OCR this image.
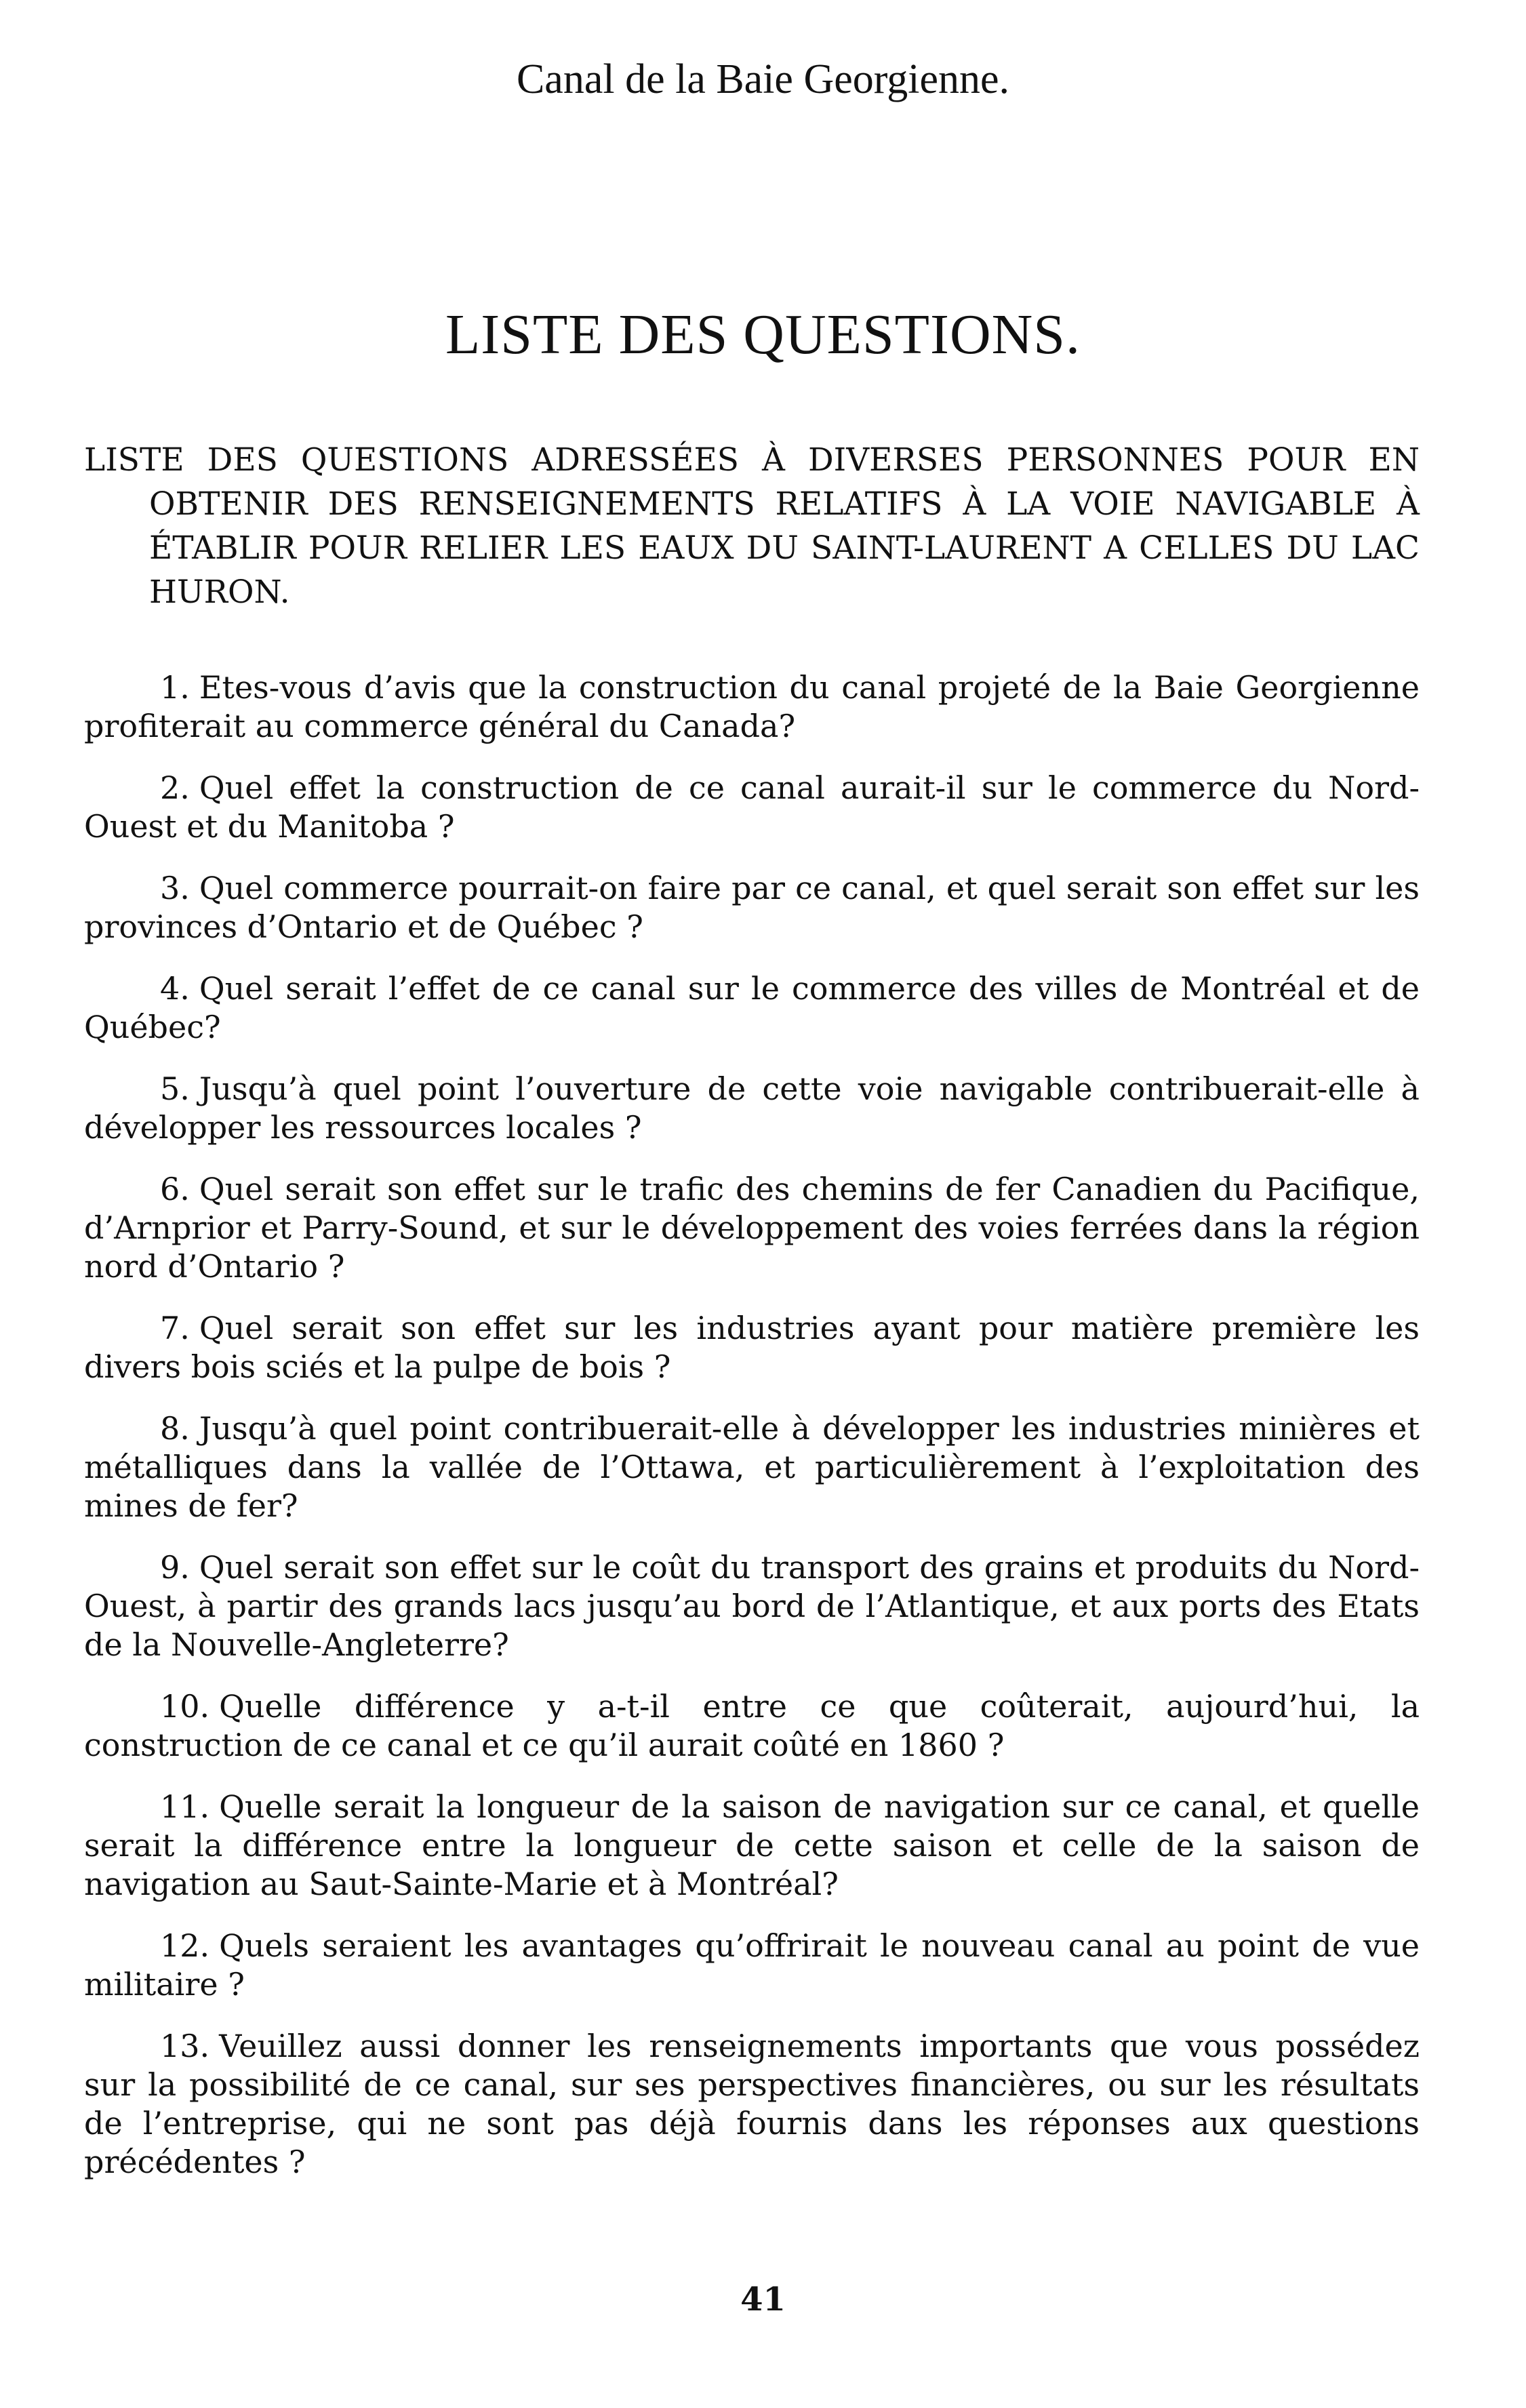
Canal de la Baie Georgienne.
LISTE DES QUESTIONS.
LISTE DES QUESTIONS ADRESSÉES À DIVERSES PERSONNES POUR EN OBTENIR DES RENSEIGNEMENTS RELATIFS À LA VOIE NAVIGABLE À ÉTABLIR POUR RELIER LES EAUX DU SAINT-LAURENT A CELLES DU LAC HURON.
1. Etes-vous d’avis que la construction du canal projeté de la Baie Georgienne profiterait au commerce général du Canada?
2. Quel effet la construction de ce canal aurait-il sur le commerce du Nord-Ouest et du Manitoba ?
3. Quel commerce pourrait-on faire par ce canal, et quel serait son effet sur les provinces d’Ontario et de Québec ?
4. Quel serait l’effet de ce canal sur le commerce des villes de Montréal et de Québec?
5. Jusqu’à quel point l’ouverture de cette voie navigable contribuerait-elle à développer les ressources locales ?
6. Quel serait son effet sur le trafic des chemins de fer Canadien du Pacifique, d’Arnprior et Parry-Sound, et sur le développement des voies ferrées dans la région nord d’Ontario ?
7. Quel serait son effet sur les industries ayant pour matière première les divers bois sciés et la pulpe de bois ?
8. Jusqu’à quel point contribuerait-elle à développer les industries minières et métalliques dans la vallée de l’Ottawa, et particulièrement à l’exploitation des mines de fer?
9. Quel serait son effet sur le coût du transport des grains et produits du Nord-Ouest, à partir des grands lacs jusqu’au bord de l’Atlantique, et aux ports des Etats de la Nouvelle-Angleterre?
10. Quelle différence y a-t-il entre ce que coûterait, aujourd’hui, la construction de ce canal et ce qu’il aurait coûté en 1860 ?
11. Quelle serait la longueur de la saison de navigation sur ce canal, et quelle serait la différence entre la longueur de cette saison et celle de la saison de navigation au Saut-Sainte-Marie et à Montréal?
12. Quels seraient les avantages qu’offrirait le nouveau canal au point de vue militaire ?
13. Veuillez aussi donner les renseignements importants que vous possédez sur la possibilité de ce canal, sur ses perspectives financières, ou sur les résultats de l’entreprise, qui ne sont pas déjà fournis dans les réponses aux questions précédentes ?
41
